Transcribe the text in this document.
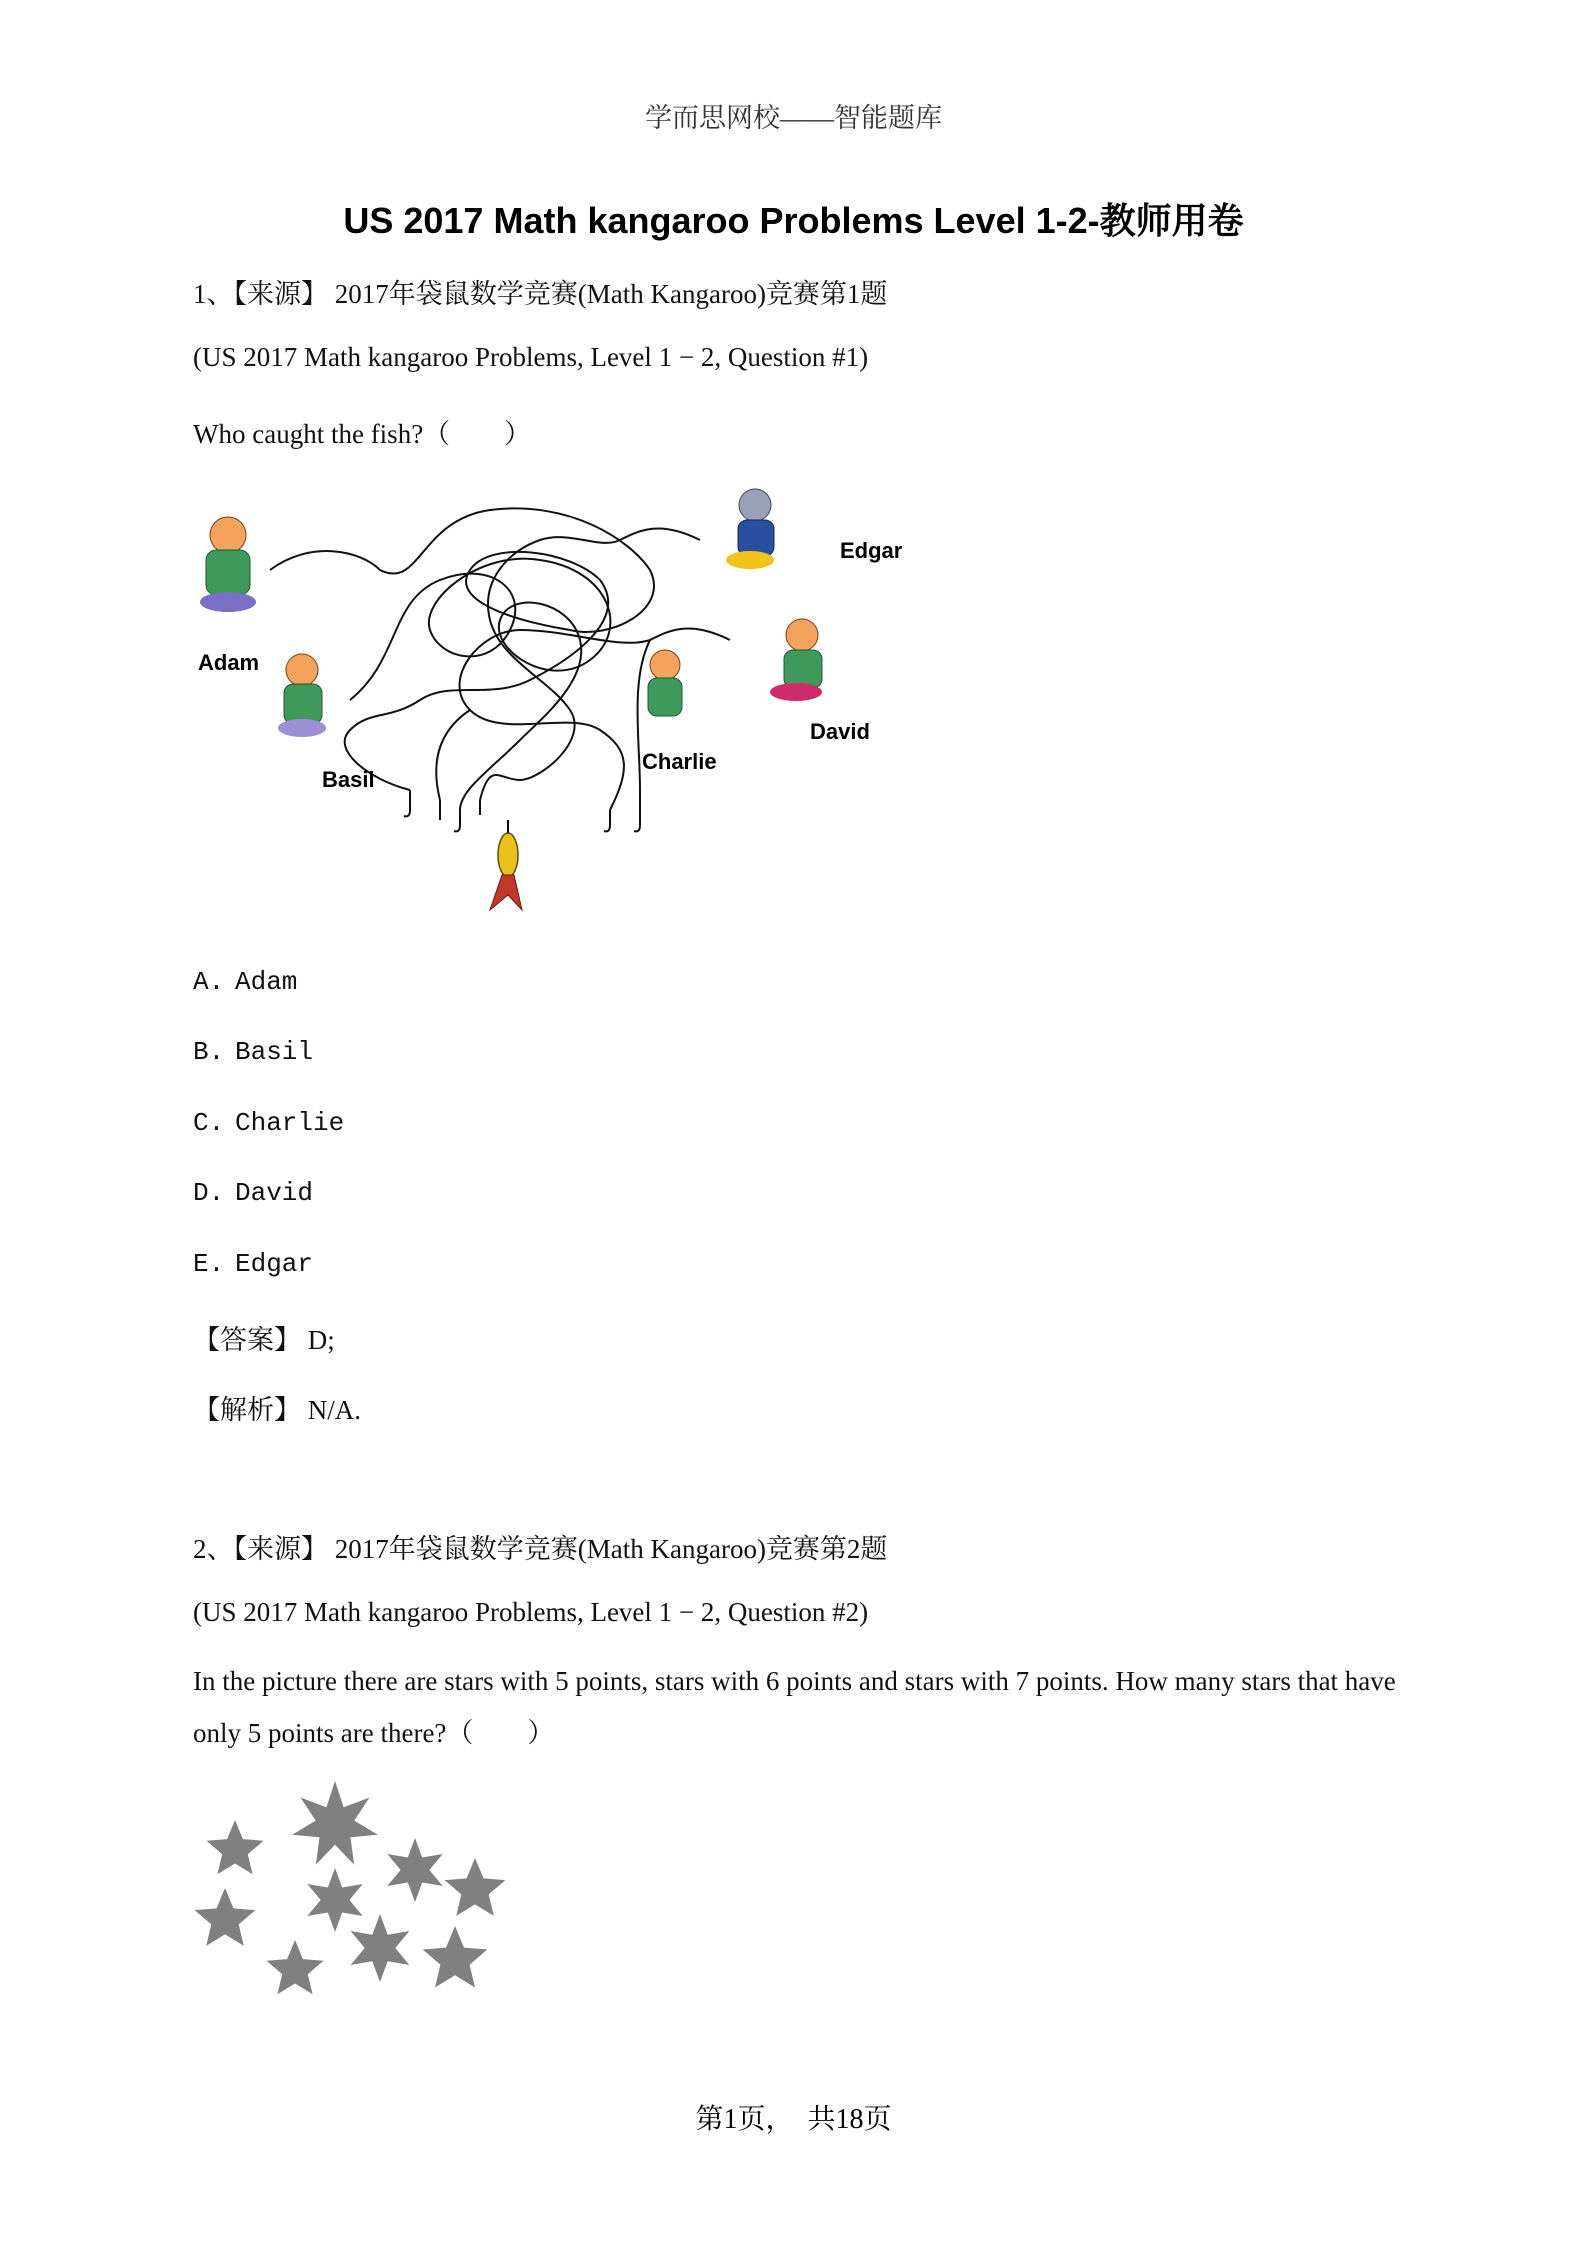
学而思网校——智能题库
US 2017 Math kangaroo Problems Level 1-2-教师用卷
1、【来源】 2017年袋鼠数学竞赛(Math Kangaroo)竞赛第1题
(US 2017 Math kangaroo Problems, Level 1 − 2, Question #1)
Who caught the fish?（　　）
Edgar
Adam
Basil
Charlie
David
A. Adam
B. Basil
C. Charlie
D. David
E. Edgar
【答案】 D;
【解析】 N/A.
2、【来源】 2017年袋鼠数学竞赛(Math Kangaroo)竞赛第2题
(US 2017 Math kangaroo Problems, Level 1 − 2, Question #2)
In the picture there are stars with 5 points, stars with 6 points and stars with 7 points. How many stars that have only 5 points are there?（　　）
第1页，　共18页
